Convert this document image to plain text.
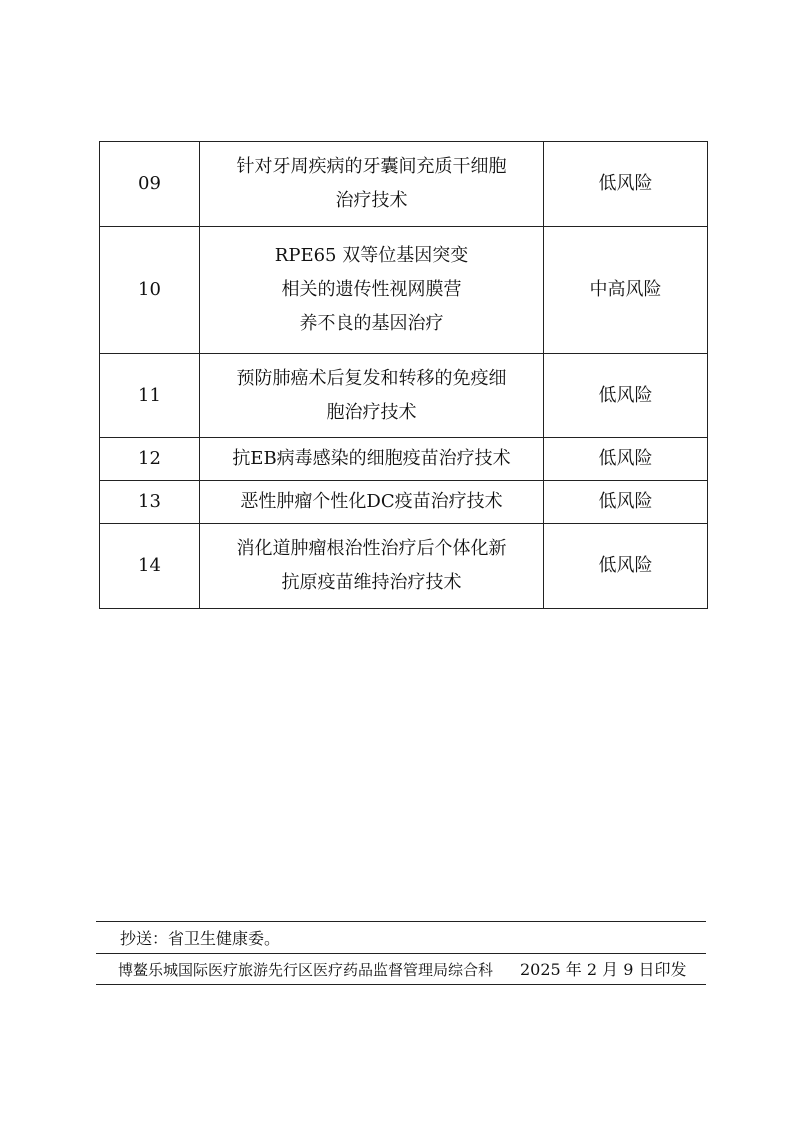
09	针对牙周疾病的牙囊间充质干细胞
治疗技术	低风险
10	RPE65 双等位基因突变
相关的遗传性视网膜营
养不良的基因治疗	中高风险
11	预防肺癌术后复发和转移的免疫细
胞治疗技术	低风险
12	抗EB病毒感染的细胞疫苗治疗技术	低风险
13	恶性肿瘤个性化DC疫苗治疗技术	低风险
14	消化道肿瘤根治性治疗后个体化新
抗原疫苗维持治疗技术	低风险
抄送：省卫生健康委。
博鳌乐城国际医疗旅游先行区医疗药品监督管理局综合科 2025 年 2 月 9 日印发
